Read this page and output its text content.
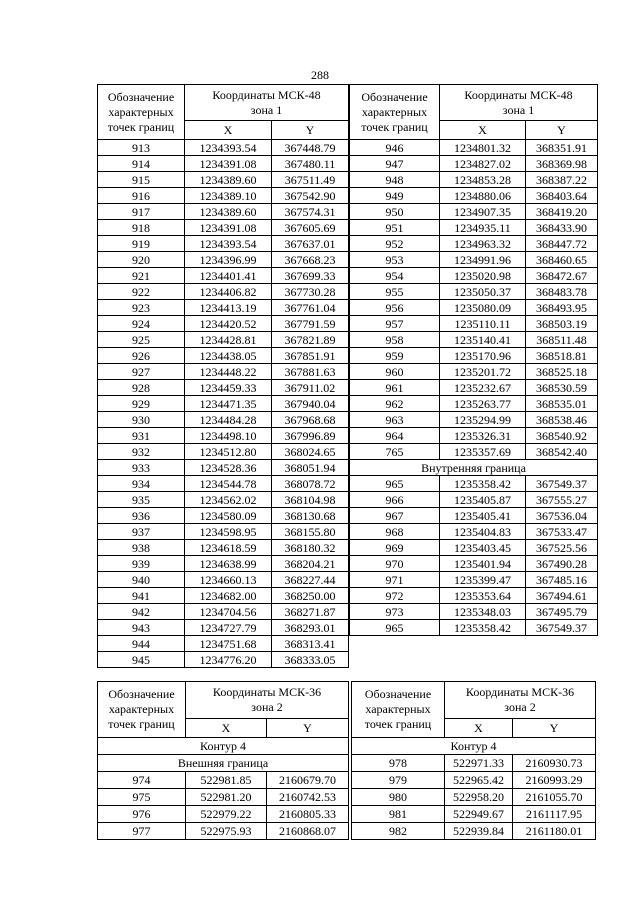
288
Обозначение характерных точек границ	Координаты МСК-48
зона 1	

	X	Y
913	1234393.54	367448.79
914	1234391.08	367480.11
915	1234389.60	367511.49
916	1234389.10	367542.90
917	1234389.60	367574.31
918	1234391.08	367605.69
919	1234393.54	367637.01
920	1234396.99	367668.23
921	1234401.41	367699.33
922	1234406.82	367730.28
923	1234413.19	367761.04
924	1234420.52	367791.59
925	1234428.81	367821.89
926	1234438.05	367851.91
927	1234448.22	367881.63
928	1234459.33	367911.02
929	1234471.35	367940.04
930	1234484.28	367968.68
931	1234498.10	367996.89
932	1234512.80	368024.65
933	1234528.36	368051.94
934	1234544.78	368078.72
935	1234562.02	368104.98
936	1234580.09	368130.68
937	1234598.95	368155.80
938	1234618.59	368180.32
939	1234638.99	368204.21
940	1234660.13	368227.44
941	1234682.00	368250.00
942	1234704.56	368271.87
943	1234727.79	368293.01
944	1234751.68	368313.41
945	1234776.20	368333.05
Обозначение характерных точек границ	Координаты МСК-48
зона 1	

	X	Y
946	1234801.32	368351.91
947	1234827.02	368369.98
948	1234853.28	368387.22
949	1234880.06	368403.64
950	1234907.35	368419.20
951	1234935.11	368433.90
952	1234963.32	368447.72
953	1234991.96	368460.65
954	1235020.98	368472.67
955	1235050.37	368483.78
956	1235080.09	368493.95
957	1235110.11	368503.19
958	1235140.41	368511.48
959	1235170.96	368518.81
960	1235201.72	368525.18
961	1235232.67	368530.59
962	1235263.77	368535.01
963	1235294.99	368538.46
964	1235326.31	368540.92
765	1235357.69	368542.40
Внутренняя граница		
965	1235358.42	367549.37
966	1235405.87	367555.27
967	1235405.41	367536.04
968	1235404.83	367533.47
969	1235403.45	367525.56
970	1235401.94	367490.28
971	1235399.47	367485.16
972	1235353.64	367494.61
973	1235348.03	367495.79
965	1235358.42	367549.37
Обозначение характерных точек границ	Координаты МСК-36
зона 2	

	X	Y
Контур 4		
Внешняя граница		
974	522981.85	2160679.70
975	522981.20	2160742.53
976	522979.22	2160805.33
977	522975.93	2160868.07
Обозначение характерных точек границ	Координаты МСК-36
зона 2	

	X	Y
Контур 4		
978	522971.33	2160930.73
979	522965.42	2160993.29
980	522958.20	2161055.70
981	522949.67	2161117.95
982	522939.84	2161180.01
